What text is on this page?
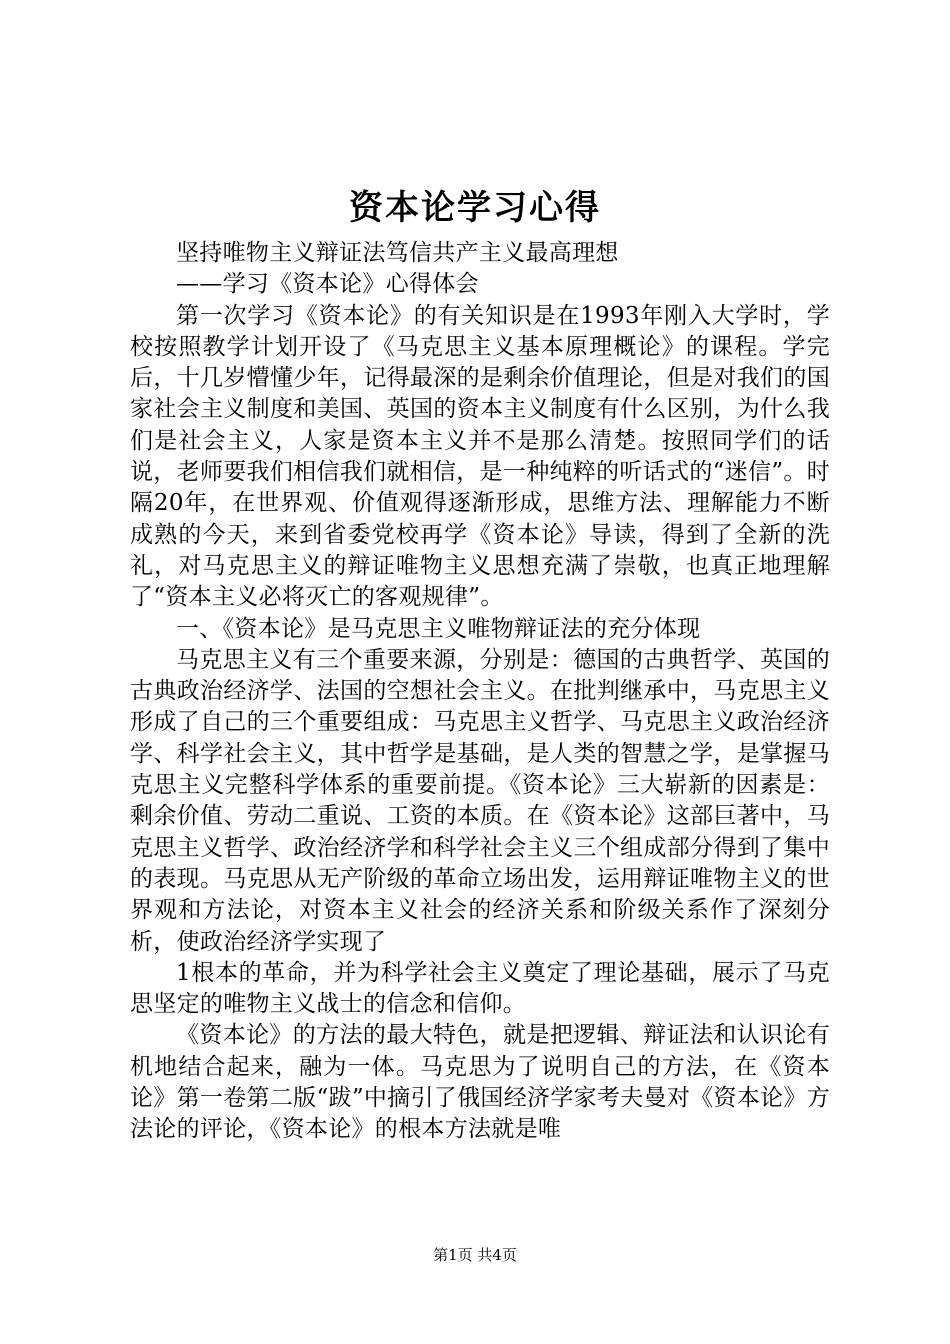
资本论学习心得

坚持唯物主义辩证法笃信共产主义最高理想

——学习《资本论》心得体会

第一次学习《资本论》的有关知识是在1993年刚入大学时，学校按照教学计划开设了《马克思主义基本原理概论》的课程。学完后，十几岁懵懂少年，记得最深的是剩余价值理论，但是对我们的国家社会主义制度和美国、英国的资本主义制度有什么区别，为什么我们是社会主义，人家是资本主义并不是那么清楚。按照同学们的话说，老师要我们相信我们就相信，是一种纯粹的听话式的“迷信”。时隔20年，在世界观、价值观得逐渐形成，思维方法、理解能力不断成熟的今天，来到省委党校再学《资本论》导读，得到了全新的洗礼，对马克思主义的辩证唯物主义思想充满了崇敬，也真正地理解了“资本主义必将灭亡的客观规律”。

一、《资本论》是马克思主义唯物辩证法的充分体现

马克思主义有三个重要来源，分别是：德国的古典哲学、英国的古典政治经济学、法国的空想社会主义。在批判继承中，马克思主义形成了自己的三个重要组成：马克思主义哲学、马克思主义政治经济学、科学社会主义，其中哲学是基础，是人类的智慧之学，是掌握马克思主义完整科学体系的重要前提。《资本论》三大崭新的因素是：剩余价值、劳动二重说、工资的本质。在《资本论》这部巨著中，马克思主义哲学、政治经济学和科学社会主义三个组成部分得到了集中的表现。马克思从无产阶级的革命立场出发，运用辩证唯物主义的世界观和方法论，对资本主义社会的经济关系和阶级关系作了深刻分析，使政治经济学实现了

1根本的革命，并为科学社会主义奠定了理论基础，展示了马克思坚定的唯物主义战士的信念和信仰。

《资本论》的方法的最大特色，就是把逻辑、辩证法和认识论有机地结合起来，融为一体。马克思为了说明自己的方法，在《资本论》第一卷第二版“跋”中摘引了俄国经济学家考夫曼对《资本论》方法论的评论，《资本论》的根本方法就是唯

第1页 共4页
